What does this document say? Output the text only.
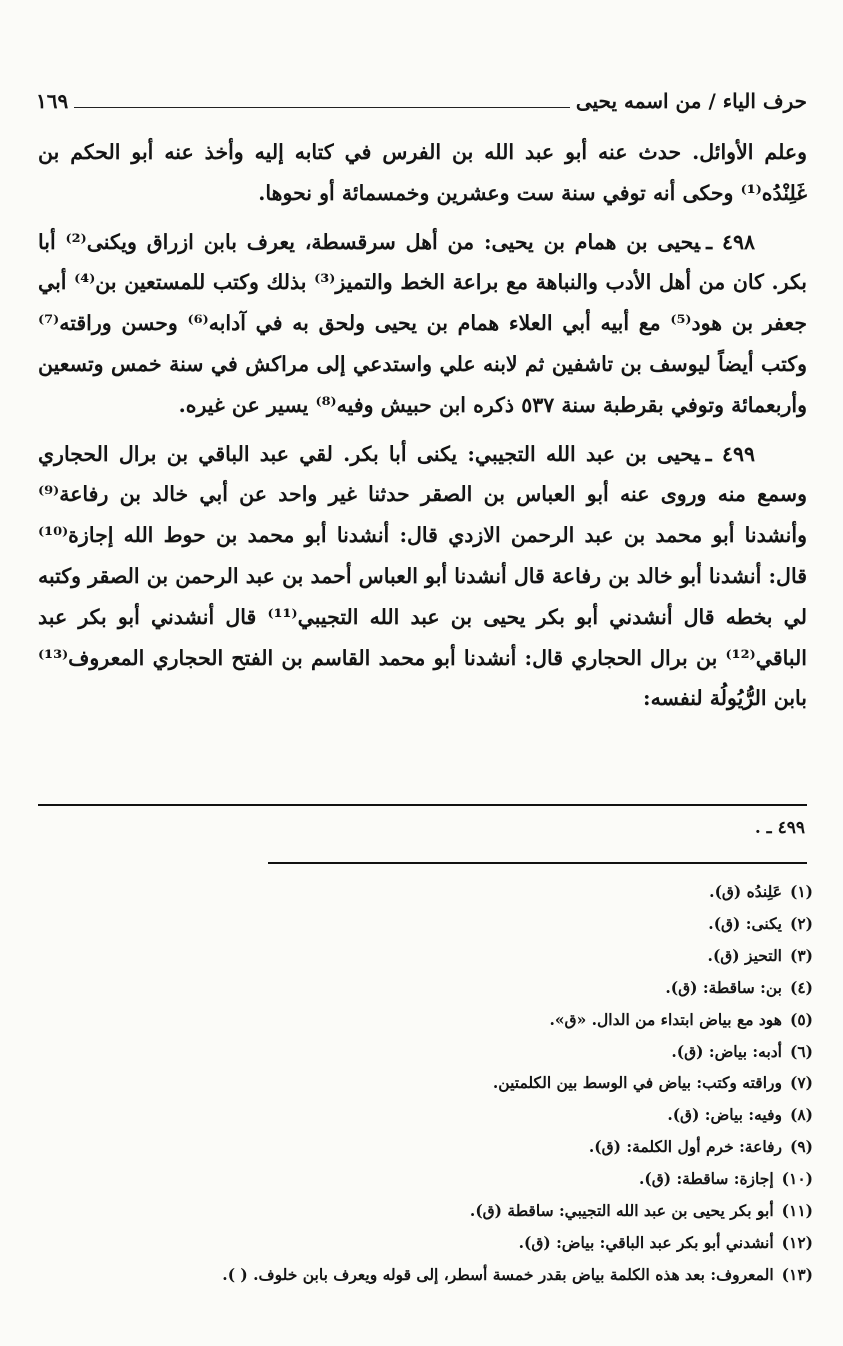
حرف الياء / من اسمه يحيى
١٦٩

وعلم الأوائل. حدث عنه أبو عبد الله بن الفرس في كتابه إليه وأخذ عنه أبو الحكم بن غَلِنْدُه⁽¹⁾ وحكى أنه توفي سنة ست وعشرين وخمسمائة أو نحوها.

٤٩٨ ـيحيى بن همام بن يحيى: من أهل سرقسطة، يعرف بابن ازراق ويكنى⁽²⁾ أبا بكر. كان من أهل الأدب والنباهة مع براعة الخط والتميز⁽³⁾ بذلك وكتب للمستعين بن⁽⁴⁾ أبي جعفر بن هود⁽⁵⁾ مع أبيه أبي العلاء همام بن يحيى ولحق به في آدابه⁽⁶⁾ وحسن وراقته⁽⁷⁾ وكتب أيضاً ليوسف بن تاشفين ثم لابنه علي واستدعي إلى مراكش في سنة خمس وتسعين وأربعمائة وتوفي بقرطبة سنة ٥٣٧ ذكره ابن حبيش وفيه⁽⁸⁾ يسير عن غيره.

٤٩٩ ـيحيى بن عبد الله التجيبي: يكنى أبا بكر. لقي عبد الباقي بن برال الحجاري وسمع منه وروى عنه أبو العباس بن الصقر حدثنا غير واحد عن أبي خالد بن رفاعة⁽⁹⁾ وأنشدنا أبو محمد بن عبد الرحمن الازدي قال: أنشدنا أبو محمد بن حوط الله إجازة⁽¹⁰⁾ قال: أنشدنا أبو خالد بن رفاعة قال أنشدنا أبو العباس أحمد بن عبد الرحمن بن الصقر وكتبه لي بخطه قال أنشدني أبو بكر يحيى بن عبد الله التجيبي⁽¹¹⁾ قال أنشدني أبو بكر عبد الباقي⁽¹²⁾ بن برال الحجاري قال: أنشدنا أبو محمد القاسم بن الفتح الحجاري المعروف⁽¹³⁾ بابن الرُّيُولُة لنفسه:

٤٩٩ ـ .
(١)عَلِندُه (ق).
(٢)يكنى: (ق).
(٣)التحيز (ق).
(٤)بن: ساقطة: (ق).
(٥)هود مع بياض ابتداء من الدال. «ق».
(٦)أدبه: بياض: (ق).
(٧)وراقته وكتب: بياض في الوسط بين الكلمتين.
(٨)وفيه: بياض: (ق).
(٩)رفاعة: خرم أول الكلمة: (ق).
(١٠)إجازة: ساقطة: (ق).
(١١)أبو بكر يحيى بن عبد الله التجيبي: ساقطة (ق).
(١٢)أنشدني أبو بكر عبد الباقي: بياض: (ق).
(١٣)المعروف: بعد هذه الكلمة بياض بقدر خمسة أسطر، إلى قوله ويعرف بابن خلوف. ( ).
